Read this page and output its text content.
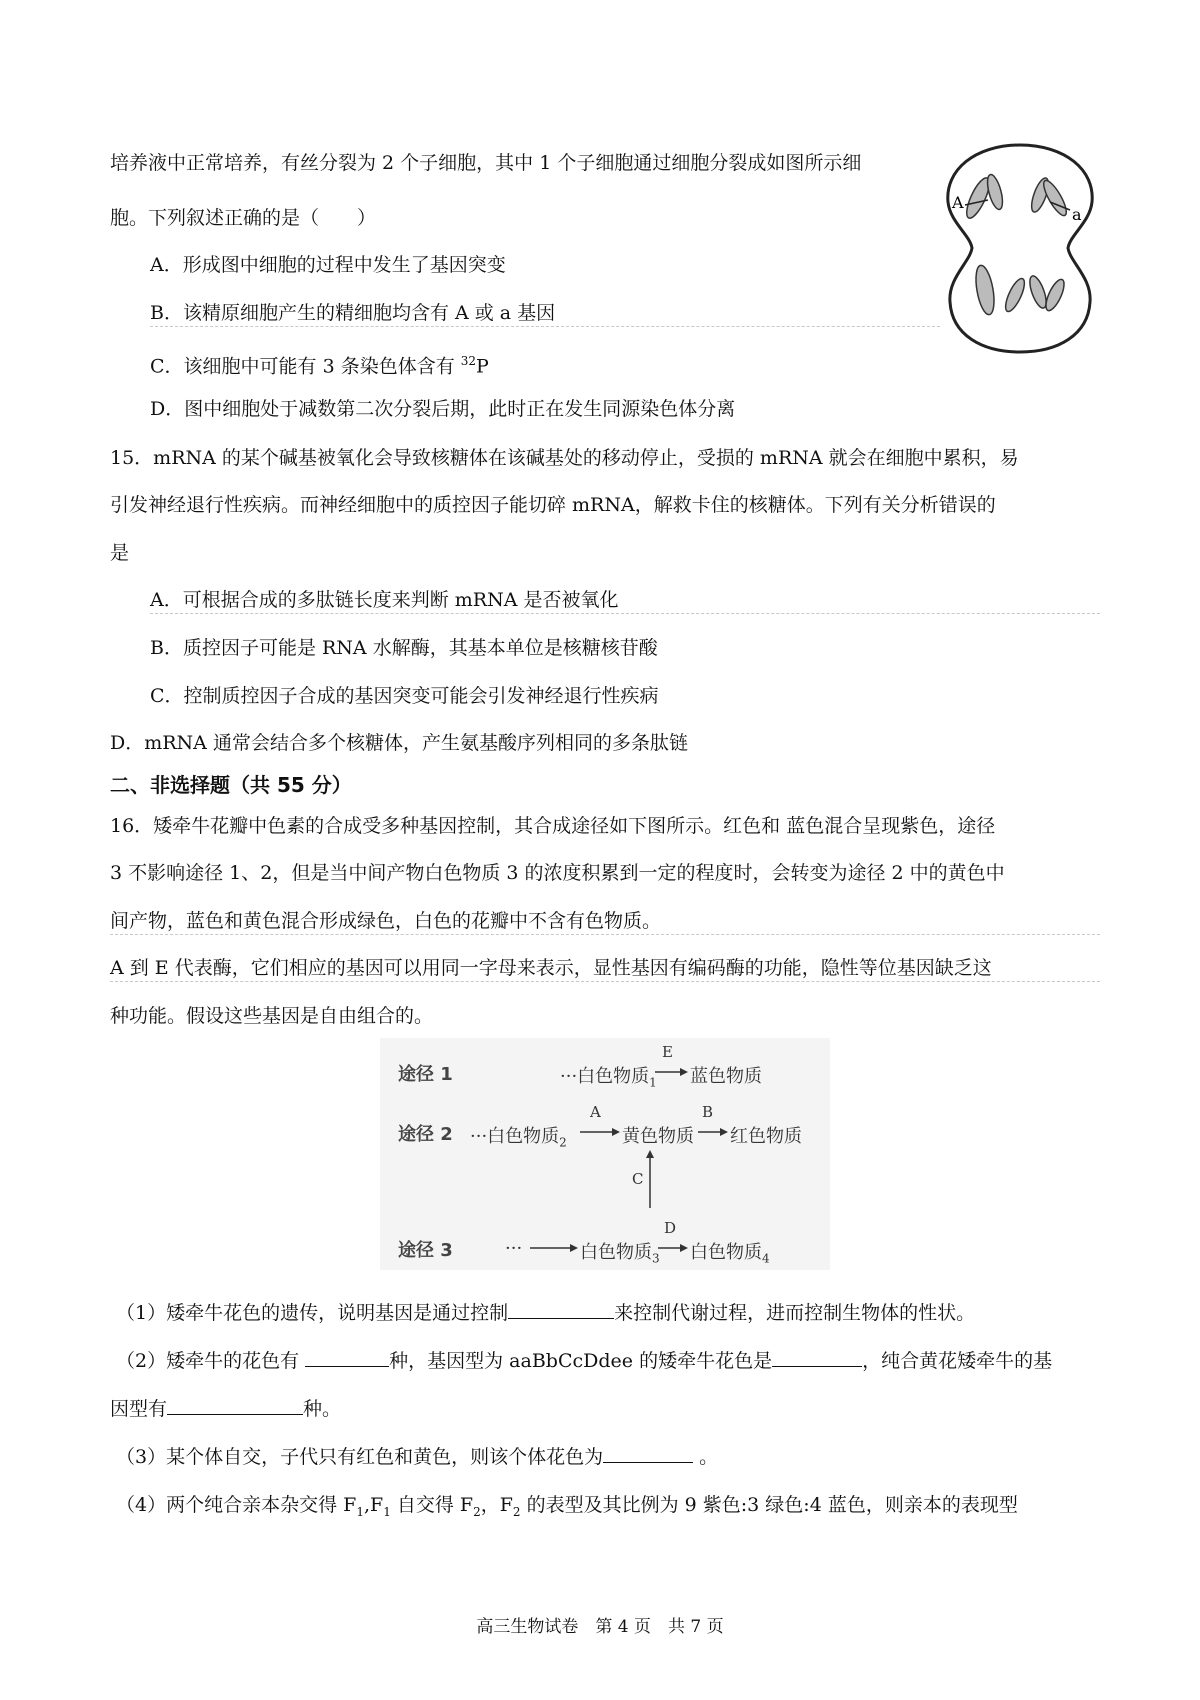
培养液中正常培养，有丝分裂为 2 个子细胞，其中 1 个子细胞通过细胞分裂成如图所示细
胞。下列叙述正确的是（　　）
A．形成图中细胞的过程中发生了基因突变
B．该精原细胞产生的精细胞均含有 A 或 a 基因
C．该细胞中可能有 3 条染色体含有 $^{32}$P
D．图中细胞处于减数第二次分裂后期，此时正在发生同源染色体分离
A
a
15．mRNA 的某个碱基被氧化会导致核糖体在该碱基处的移动停止，受损的 mRNA 就会在细胞中累积，易
引发神经退行性疾病。而神经细胞中的质控因子能切碎 mRNA，解救卡住的核糖体。下列有关分析错误的
是
A．可根据合成的多肽链长度来判断 mRNA 是否被氧化
B．质控因子可能是 RNA 水解酶，其基本单位是核糖核苷酸
C．控制质控因子合成的基因突变可能会引发神经退行性疾病
D．mRNA 通常会结合多个核糖体，产生氨基酸序列相同的多条肽链
二、非选择题（共 55 分）
16．矮牵牛花瓣中色素的合成受多种基因控制，其合成途径如下图所示。红色和 蓝色混合呈现紫色，途径
3 不影响途径 1、2，但是当中间产物白色物质 3 的浓度积累到一定的程度时，会转变为途径 2 中的黄色中
间产物，蓝色和黄色混合形成绿色，白色的花瓣中不含有色物质。
A 到 E 代表酶，它们相应的基因可以用同一字母来表示，显性基因有编码酶的功能，隐性等位基因缺乏这
种功能。假设这些基因是自由组合的。
途径 1	···白色物质$_1$
E
蓝色物质
途径 2 ···白色物质$_2$
A
黄色物质
B
红色物质
C
途径 3	···	白色物质$_3$
D
白色物质$_4$
（1）矮牵牛花色的遗传，说明基因是通过控制	来控制代谢过程，进而控制生物体的性状。
（2）矮牵牛的花色有	种，基因型为 aaBbCcDdee 的矮牵牛花色是	，纯合黄花矮牵牛的基
因型有	种。
（3）某个体自交，子代只有红色和黄色，则该个体花色为	。
（4）两个纯合亲本杂交得 $F_1,F_1$ 自交得 $F_2$，$F_2$ 的表型及其比例为 9 紫色:3 绿色:4 蓝色，则亲本的表现型
高三生物试卷　第 4 页　共 7 页
